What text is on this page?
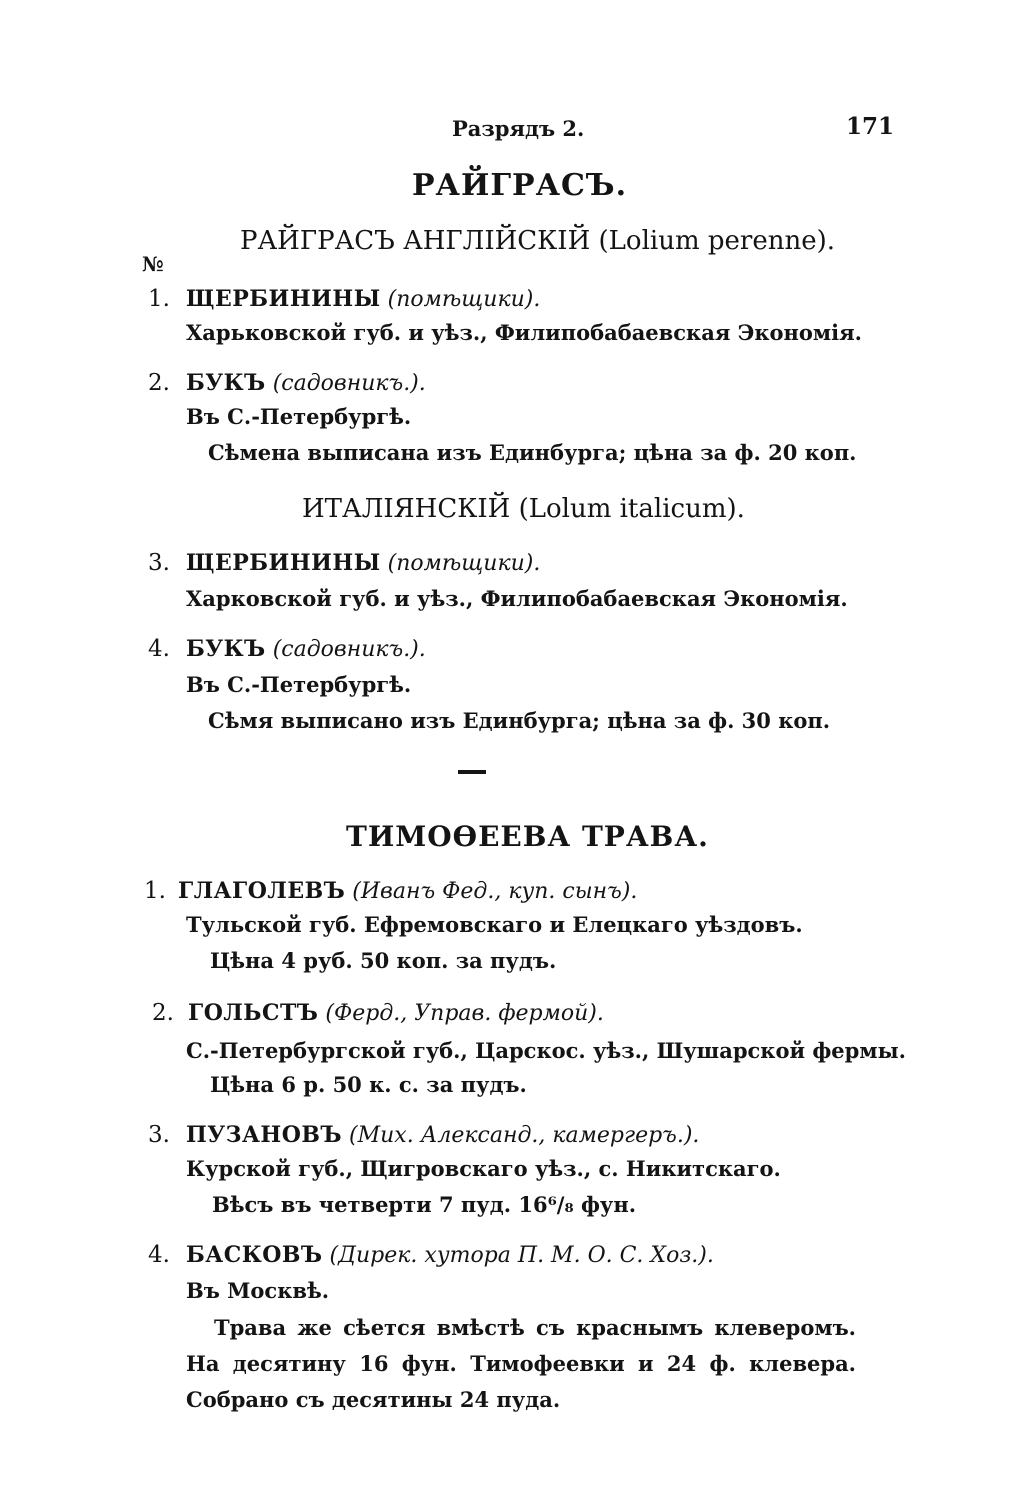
Разрядъ 2.	171
РАЙГРАСЪ.
РАЙГРАСЪ АНГЛІЙСКІЙ (Lolium perenne).
№
1. ЩЕРБИНИНЫ (помѣщики).
Харьковской губ. и уѣз., Филипобабаевская Экономія.
2. БУКЪ (садовникъ.).
Въ С.-Петербургѣ.
Сѣмена выписана изъ Единбурга; цѣна за ф. 20 коп.
ИТАЛІЯНСКІЙ (Lolum italicum).
3. ЩЕРБИНИНЫ (помѣщики).
Харковской губ. и уѣз., Филипобабаевская Экономія.
4. БУКЪ (садовникъ.).
Въ С.-Петербургѣ.
Сѣмя выписано изъ Единбурга; цѣна за ф. 30 коп.
ТИМОѲЕЕВА ТРАВА.
1. ГЛАГОЛЕВЪ (Иванъ Фед., куп. сынъ).
Тульской губ. Ефремовскаго и Елецкаго уѣздовъ.
Цѣна 4 руб. 50 коп. за пудъ.
2. ГОЛЬСТЪ (Ферд., Управ. фермой).
С.-Петербургской губ., Царскос. уѣз., Шушарской фермы.
Цѣна 6 р. 50 к. с. за пудъ.
3. ПУЗАНОВЪ (Мих. Александ., камергеръ.).
Курской губ., Щигровскаго уѣз., с. Никитскаго.
Вѣсъ въ четверти 7 пуд. 16⁶/₈ фун.
4. БАСКОВЪ (Дирек. хутора П. М. О. С. Хоз.).
Въ Москвѣ.
Трава же сѣется вмѣстѣ съ краснымъ клеверомъ. На десятину 16 фун. Тимофеевки и 24 ф. клевера. Собрано съ десятины 24 пуда.
